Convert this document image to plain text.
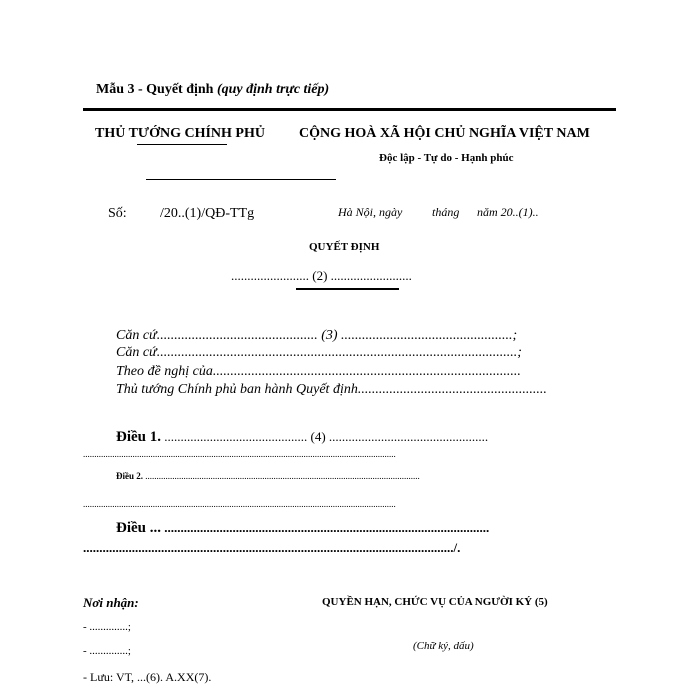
Mẫu 3 - Quyết định (quy định trực tiếp)
THỦ TƯỚNG CHÍNH PHỦ CỘNG HOÀ XÃ HỘI CHỦ NGHĨA VIỆT NAM
Độc lập - Tự do - Hạnh phúc
Số: /20..(1)/QĐ-TTg	Hà Nội, ngày tháng năm 20..(1)..
QUYẾT ĐỊNH
........................ (2) .........................
Căn cứ.............................................. (3) .................................................;
Căn cứ.......................................................................................................;
Theo đề nghị của........................................................................................
Thủ tướng Chính phủ ban hành Quyết định......................................................
Điều 1. ............................................ (4) .................................................
...........................................................................................................................................
Điều 2. ..........................................................................................................................
...........................................................................................................................................
Điều ... ....................................................................................................
................................................................................................................../.
Nơi nhận:
- ..............;
- ..............;
- Lưu: VT, ...(6). A.XX(7).
QUYỀN HẠN, CHỨC VỤ CỦA NGƯỜI KÝ (5)
(Chữ ký, dấu)
